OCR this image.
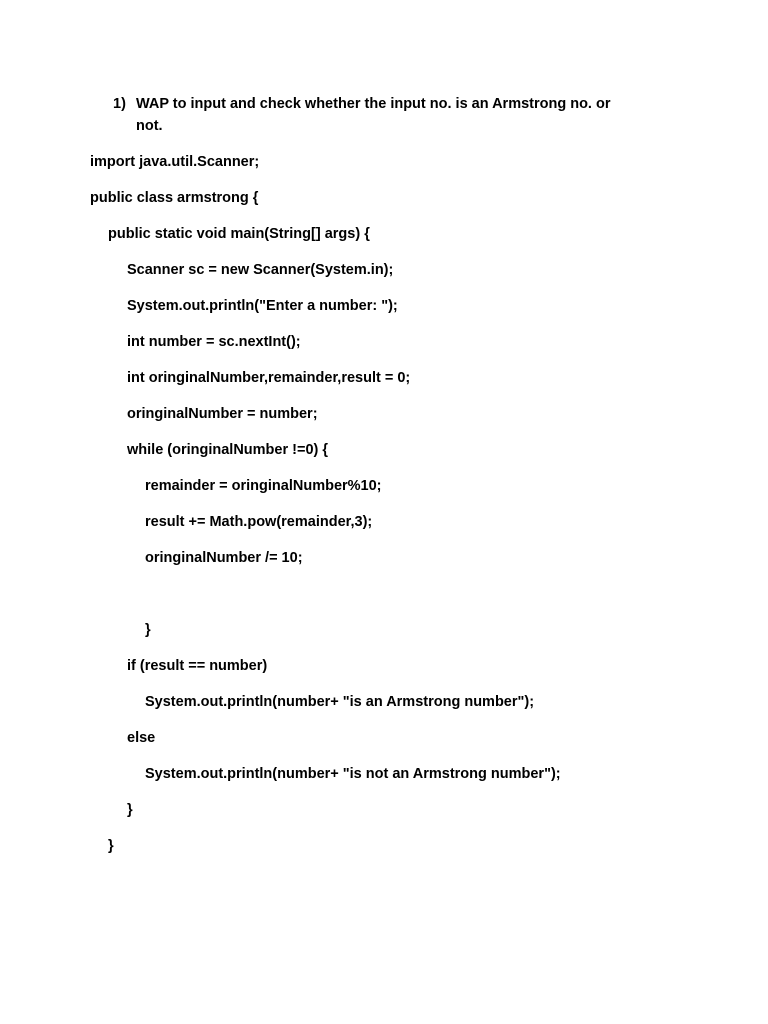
1) WAP to input and check whether the input no. is an Armstrong no. or
not.
import java.util.Scanner;
public class armstrong {
public static void main(String[] args) {
Scanner sc = new Scanner(System.in);
System.out.println("Enter a number: ");
int number = sc.nextInt();
int oringinalNumber,remainder,result = 0;
oringinalNumber = number;
while (oringinalNumber !=0) {
remainder = oringinalNumber%10;
result += Math.pow(remainder,3);
oringinalNumber /= 10;
}
if (result == number)
System.out.println(number+ "is an Armstrong number");
else
System.out.println(number+ "is not an Armstrong number");
}
}
